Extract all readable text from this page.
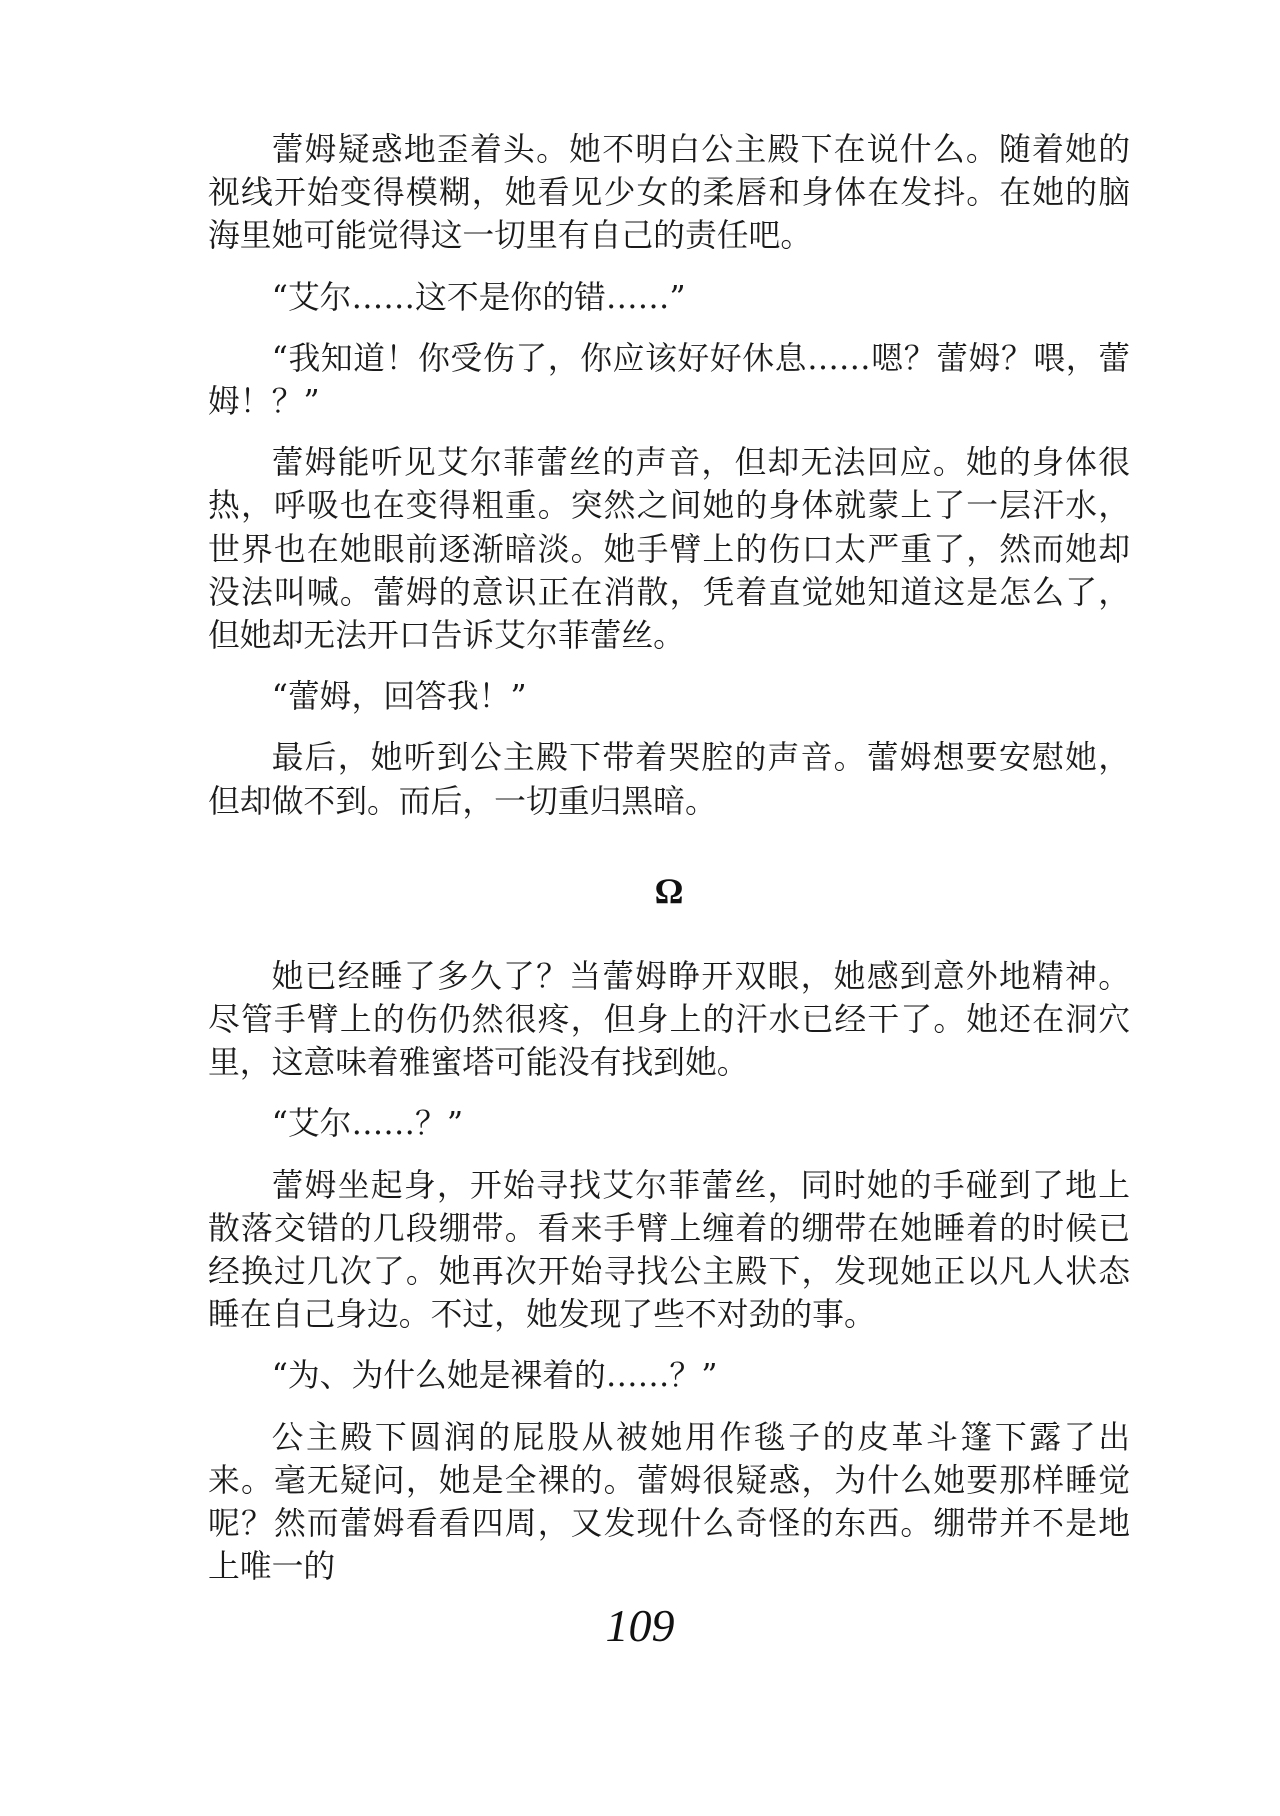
蕾姆疑惑地歪着头。她不明白公主殿下在说什么。随着她的视线开始变得模糊，她看见少女的柔唇和身体在发抖。在她的脑海里她可能觉得这一切里有自己的责任吧。

“艾尔……这不是你的错……”

“我知道！你受伤了，你应该好好休息……嗯？蕾姆？喂，蕾姆！？”

蕾姆能听见艾尔菲蕾丝的声音，但却无法回应。她的身体很热，呼吸也在变得粗重。突然之间她的身体就蒙上了一层汗水，世界也在她眼前逐渐暗淡。她手臂上的伤口太严重了，然而她却没法叫喊。蕾姆的意识正在消散，凭着直觉她知道这是怎么了，但她却无法开口告诉艾尔菲蕾丝。

“蕾姆，回答我！”

最后，她听到公主殿下带着哭腔的声音。蕾姆想要安慰她，但却做不到。而后，一切重归黑暗。

Ω

她已经睡了多久了？当蕾姆睁开双眼，她感到意外地精神。尽管手臂上的伤仍然很疼，但身上的汗水已经干了。她还在洞穴里，这意味着雅蜜塔可能没有找到她。

“艾尔……？”

蕾姆坐起身，开始寻找艾尔菲蕾丝，同时她的手碰到了地上散落交错的几段绷带。看来手臂上缠着的绷带在她睡着的时候已经换过几次了。她再次开始寻找公主殿下，发现她正以凡人状态睡在自己身边。不过，她发现了些不对劲的事。

“为、为什么她是裸着的……？”

公主殿下圆润的屁股从被她用作毯子的皮革斗篷下露了出来。毫无疑问，她是全裸的。蕾姆很疑惑，为什么她要那样睡觉呢？然而蕾姆看看四周，又发现什么奇怪的东西。绷带并不是地上唯一的

109
